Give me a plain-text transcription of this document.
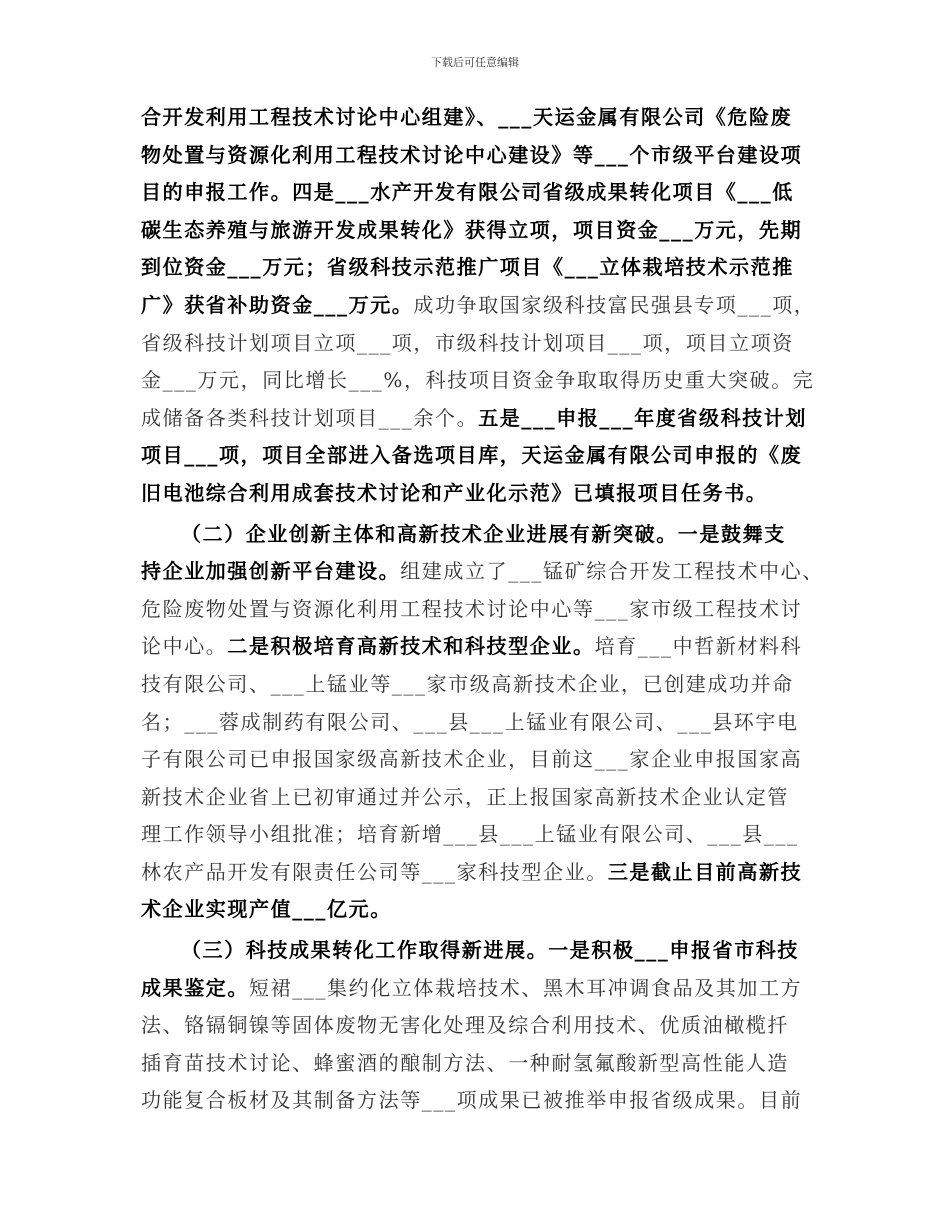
下载后可任意编辑
合开发利用工程技术讨论中心组建》、___天运金属有限公司《危险废
物处置与资源化利用工程技术讨论中心建设》等___个市级平台建设项
目的申报工作。四是___水产开发有限公司省级成果转化项目《___低
碳生态养殖与旅游开发成果转化》获得立项，项目资金___万元，先期
到位资金___万元；省级科技示范推广项目《___立体栽培技术示范推
广》获省补助资金___万元。成功争取国家级科技富民强县专项___项，
省级科技计划项目立项___项，市级科技计划项目___项，项目立项资
金___万元，同比增长___%，科技项目资金争取取得历史重大突破。完
成储备各类科技计划项目___余个。五是___申报___年度省级科技计划
项目___项，项目全部进入备选项目库，天运金属有限公司申报的《废
旧电池综合利用成套技术讨论和产业化示范》已填报项目任务书。
（二）企业创新主体和高新技术企业进展有新突破。一是鼓舞支
持企业加强创新平台建设。组建成立了___锰矿综合开发工程技术中心、
危险废物处置与资源化利用工程技术讨论中心等___家市级工程技术讨
论中心。二是积极培育高新技术和科技型企业。培育___中哲新材料科
技有限公司、___上锰业等___家市级高新技术企业，已创建成功并命
名；___蓉成制药有限公司、___县___上锰业有限公司、___县环宇电
子有限公司已申报国家级高新技术企业，目前这___家企业申报国家高
新技术企业省上已初审通过并公示，正上报国家高新技术企业认定管
理工作领导小组批准；培育新增___县___上锰业有限公司、___县___
林农产品开发有限责任公司等___家科技型企业。三是截止目前高新技
术企业实现产值___亿元。
（三）科技成果转化工作取得新进展。一是积极___申报省市科技
成果鉴定。短裙___集约化立体栽培技术、黑木耳冲调食品及其加工方
法、铬镉铜镍等固体废物无害化处理及综合利用技术、优质油橄榄扦
插育苗技术讨论、蜂蜜酒的酿制方法、一种耐氢氟酸新型高性能人造
功能复合板材及其制备方法等___项成果已被推举申报省级成果。目前
